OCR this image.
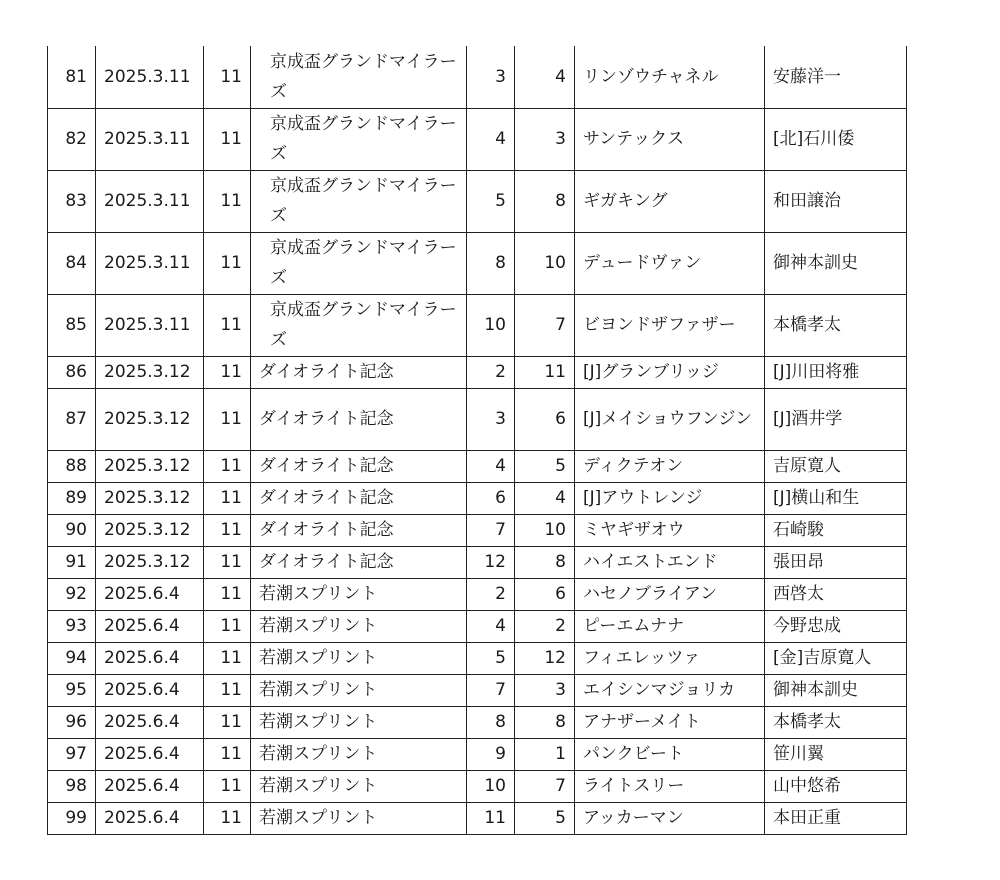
81	2025.3.11	11	京成盃グランドマイラーズ	3	4	リンゾウチャネル	安藤洋一
82	2025.3.11	11	京成盃グランドマイラーズ	4	3	サンテックス	[北]石川倭
83	2025.3.11	11	京成盃グランドマイラーズ	5	8	ギガキング	和田譲治
84	2025.3.11	11	京成盃グランドマイラーズ	8	10	デュードヴァン	御神本訓史
85	2025.3.11	11	京成盃グランドマイラーズ	10	7	ビヨンドザファザー	本橋孝太
86	2025.3.12	11	ダイオライト記念	2	11	[J]グランブリッジ	[J]川田将雅
87	2025.3.12	11	ダイオライト記念	3	6	[J]メイショウフンジン	[J]酒井学
88	2025.3.12	11	ダイオライト記念	4	5	ディクテオン	吉原寛人
89	2025.3.12	11	ダイオライト記念	6	4	[J]アウトレンジ	[J]横山和生
90	2025.3.12	11	ダイオライト記念	7	10	ミヤギザオウ	石崎駿
91	2025.3.12	11	ダイオライト記念	12	8	ハイエストエンド	張田昂
92	2025.6.4	11	若潮スプリント	2	6	ハセノブライアン	西啓太
93	2025.6.4	11	若潮スプリント	4	2	ピーエムナナ	今野忠成
94	2025.6.4	11	若潮スプリント	5	12	フィエレッツァ	[金]吉原寛人
95	2025.6.4	11	若潮スプリント	7	3	エイシンマジョリカ	御神本訓史
96	2025.6.4	11	若潮スプリント	8	8	アナザーメイト	本橋孝太
97	2025.6.4	11	若潮スプリント	9	1	パンクビート	笹川翼
98	2025.6.4	11	若潮スプリント	10	7	ライトスリー	山中悠希
99	2025.6.4	11	若潮スプリント	11	5	アッカーマン	本田正重
